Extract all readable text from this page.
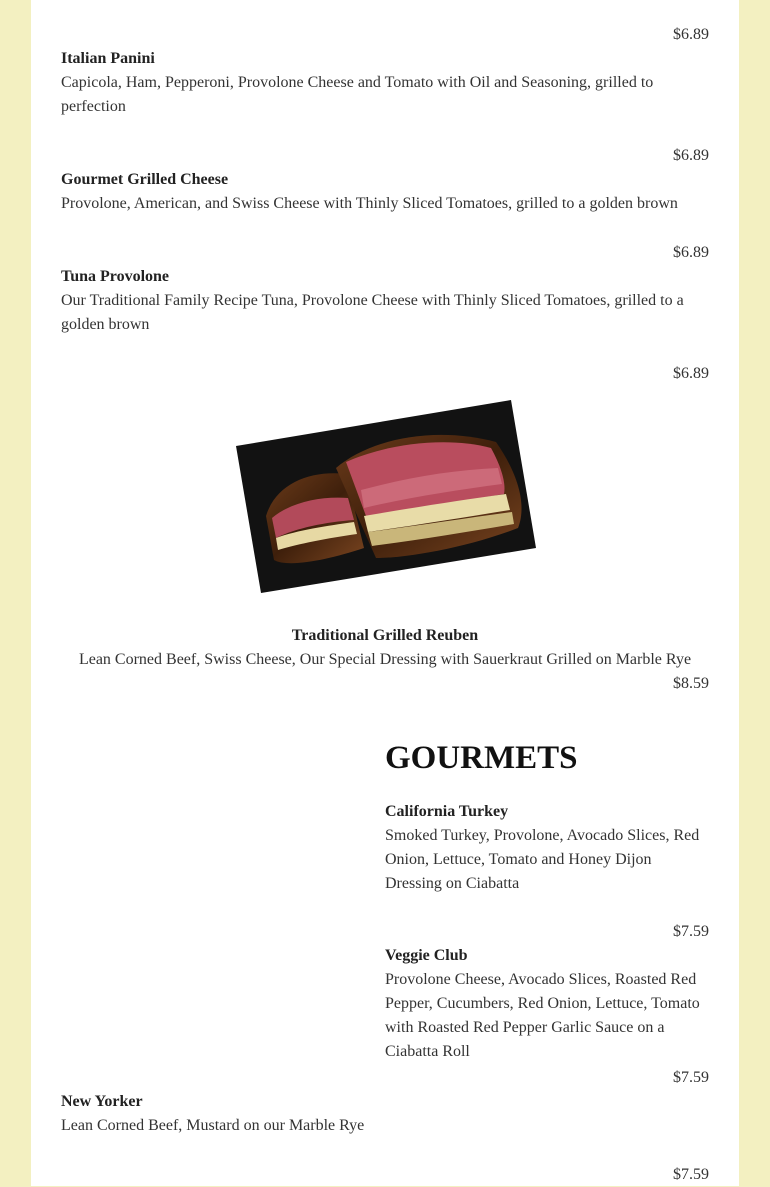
$6.89
Italian Panini
Capicola, Ham, Pepperoni, Provolone Cheese and Tomato with Oil and Seasoning, grilled to perfection
$6.89
Gourmet Grilled Cheese
Provolone, American, and Swiss Cheese with Thinly Sliced Tomatoes, grilled to a golden brown
$6.89
Tuna Provolone
Our Traditional Family Recipe Tuna, Provolone Cheese with Thinly Sliced Tomatoes, grilled to a golden brown
$6.89
Traditional Grilled Reuben
Lean Corned Beef, Swiss Cheese, Our Special Dressing with Sauerkraut Grilled on Marble Rye
$8.59
GOURMETS
California Turkey
Smoked Turkey, Provolone, Avocado Slices, Red Onion, Lettuce, Tomato and Honey Dijon Dressing on Ciabatta
$7.59
Veggie Club
Provolone Cheese, Avocado Slices, Roasted Red Pepper, Cucumbers, Red Onion, Lettuce, Tomato with Roasted Red Pepper Garlic Sauce on a Ciabatta Roll
$7.59
New Yorker
Lean Corned Beef, Mustard on our Marble Rye
$7.59
